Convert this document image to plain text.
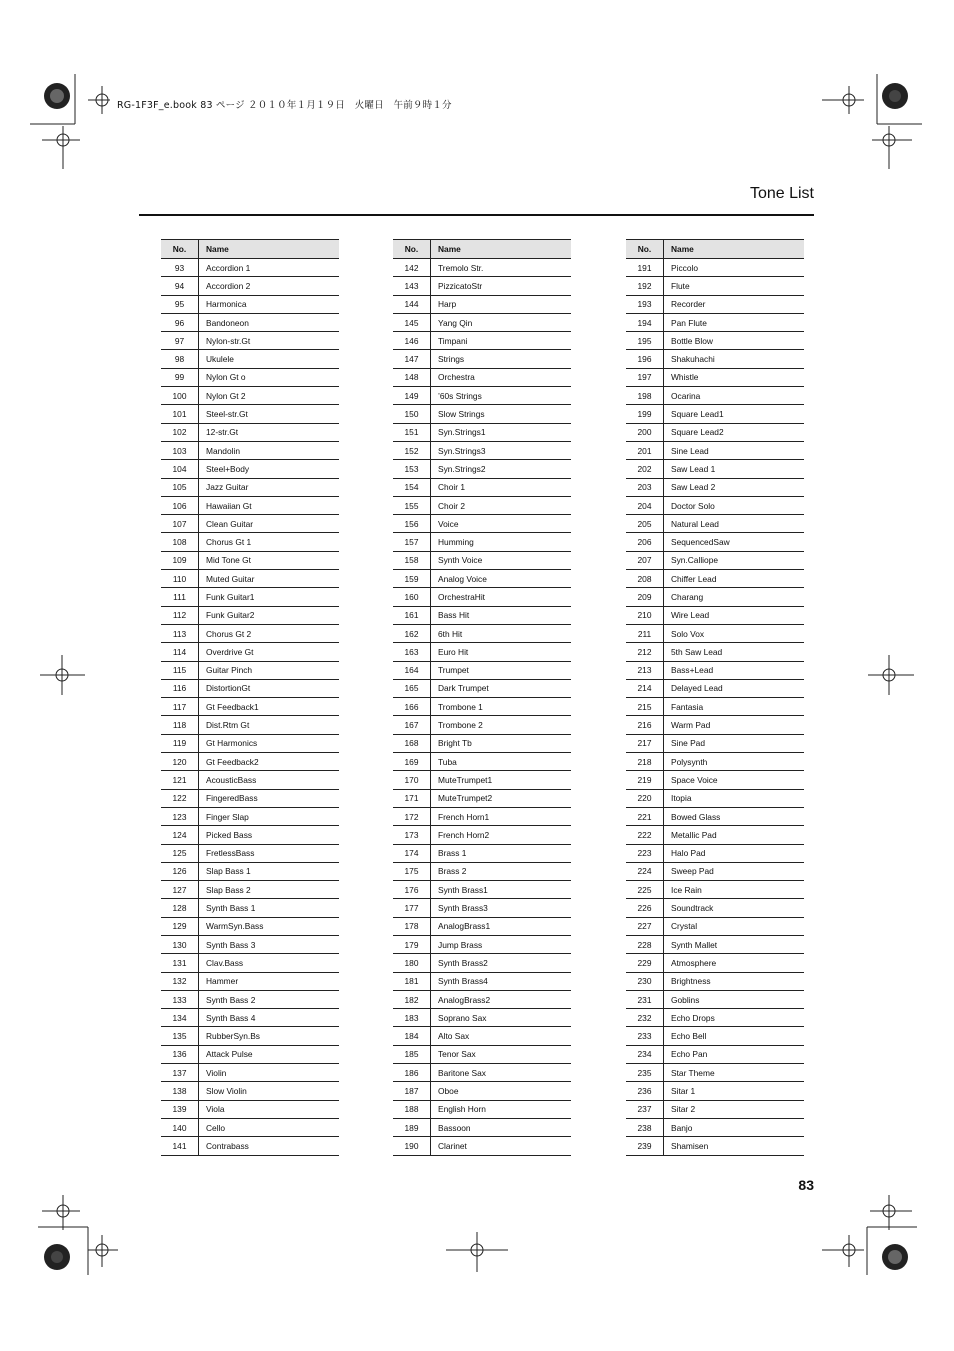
RG-1F3F_e.book 83 ページ ２０１０年１月１９日　火曜日　午前９時１分
Tone List
No.	Name
93	Accordion 1
94	Accordion 2
95	Harmonica
96	Bandoneon
97	Nylon-str.Gt
98	Ukulele
99	Nylon Gt o
100	Nylon Gt 2
101	Steel-str.Gt
102	12-str.Gt
103	Mandolin
104	Steel+Body
105	Jazz Guitar
106	Hawaiian Gt
107	Clean Guitar
108	Chorus Gt 1
109	Mid Tone Gt
110	Muted Guitar
111	Funk Guitar1
112	Funk Guitar2
113	Chorus Gt 2
114	Overdrive Gt
115	Guitar Pinch
116	DistortionGt
117	Gt Feedback1
118	Dist.Rtm Gt
119	Gt Harmonics
120	Gt Feedback2
121	AcousticBass
122	FingeredBass
123	Finger Slap
124	Picked Bass
125	FretlessBass
126	Slap Bass 1
127	Slap Bass 2
128	Synth Bass 1
129	WarmSyn.Bass
130	Synth Bass 3
131	Clav.Bass
132	Hammer
133	Synth Bass 2
134	Synth Bass 4
135	RubberSyn.Bs
136	Attack Pulse
137	Violin
138	Slow Violin
139	Viola
140	Cello
141	Contrabass
No.	Name
142	Tremolo Str.
143	PizzicatoStr
144	Harp
145	Yang Qin
146	Timpani
147	Strings
148	Orchestra
149	’60s Strings
150	Slow Strings
151	Syn.Strings1
152	Syn.Strings3
153	Syn.Strings2
154	Choir 1
155	Choir 2
156	Voice
157	Humming
158	Synth Voice
159	Analog Voice
160	OrchestraHit
161	Bass Hit
162	6th Hit
163	Euro Hit
164	Trumpet
165	Dark Trumpet
166	Trombone 1
167	Trombone 2
168	Bright Tb
169	Tuba
170	MuteTrumpet1
171	MuteTrumpet2
172	French Horn1
173	French Horn2
174	Brass 1
175	Brass 2
176	Synth Brass1
177	Synth Brass3
178	AnalogBrass1
179	Jump Brass
180	Synth Brass2
181	Synth Brass4
182	AnalogBrass2
183	Soprano Sax
184	Alto Sax
185	Tenor Sax
186	Baritone Sax
187	Oboe
188	English Horn
189	Bassoon
190	Clarinet
No.	Name
191	Piccolo
192	Flute
193	Recorder
194	Pan Flute
195	Bottle Blow
196	Shakuhachi
197	Whistle
198	Ocarina
199	Square Lead1
200	Square Lead2
201	Sine Lead
202	Saw Lead 1
203	Saw Lead 2
204	Doctor Solo
205	Natural Lead
206	SequencedSaw
207	Syn.Calliope
208	Chiffer Lead
209	Charang
210	Wire Lead
211	Solo Vox
212	5th Saw Lead
213	Bass+Lead
214	Delayed Lead
215	Fantasia
216	Warm Pad
217	Sine Pad
218	Polysynth
219	Space Voice
220	Itopia
221	Bowed Glass
222	Metallic Pad
223	Halo Pad
224	Sweep Pad
225	Ice Rain
226	Soundtrack
227	Crystal
228	Synth Mallet
229	Atmosphere
230	Brightness
231	Goblins
232	Echo Drops
233	Echo Bell
234	Echo Pan
235	Star Theme
236	Sitar 1
237	Sitar 2
238	Banjo
239	Shamisen
83
